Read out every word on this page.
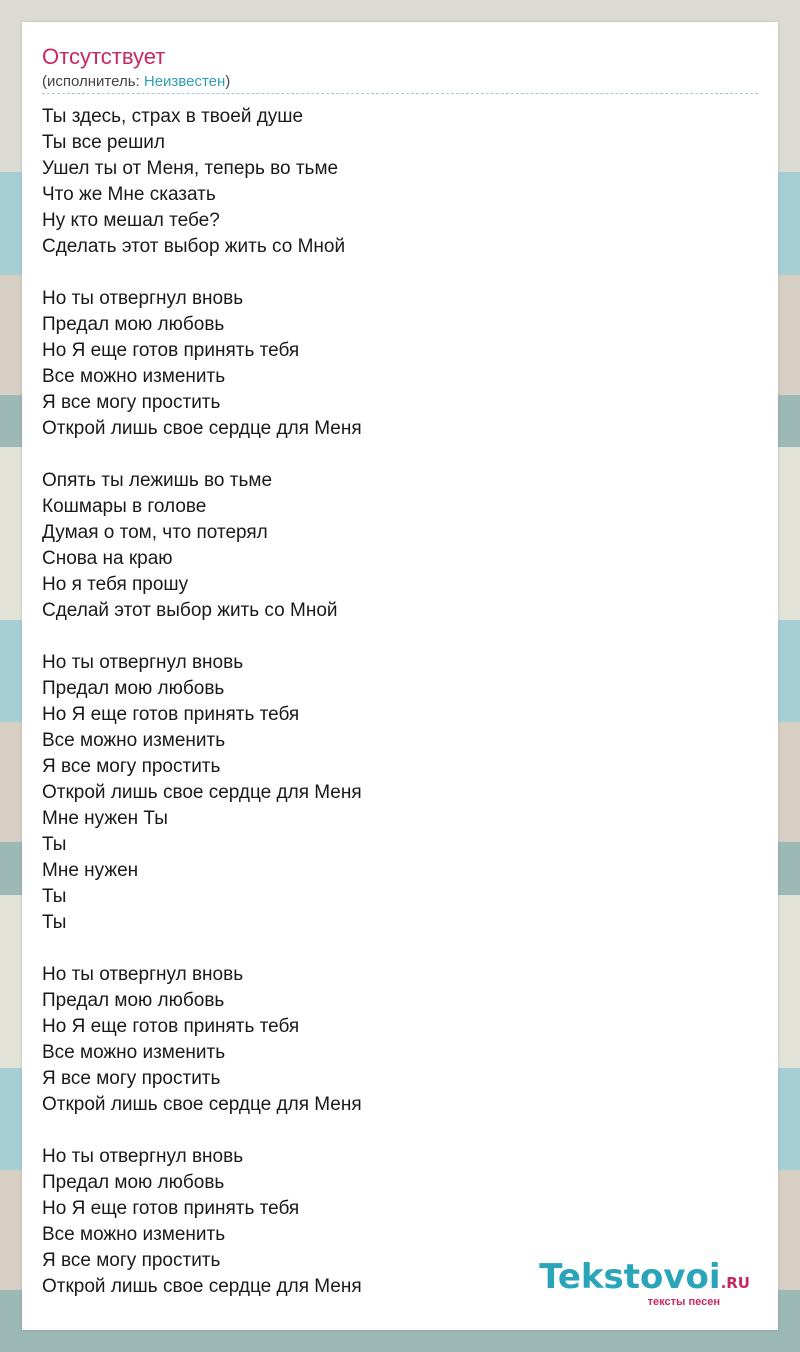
Отсутствует
(исполнитель: Неизвестен)
Ты здесь, страх в твоей душе
Ты все решил
Ушел ты от Меня, теперь во тьме
Что же Мне сказать
Ну кто мешал тебе?
Сделать этот выбор жить со Мной
Но ты отвергнул вновь
Предал мою любовь
Но Я еще готов принять тебя
Все можно изменить
Я все могу простить
Открой лишь свое сердце для Меня
Опять ты лежишь во тьме
Кошмары в голове
Думая о том, что потерял
Снова на краю
Но я тебя прошу
Сделай этот выбор жить со Мной
Но ты отвергнул вновь
Предал мою любовь
Но Я еще готов принять тебя
Все можно изменить
Я все могу простить
Открой лишь свое сердце для Меня
Мне нужен Ты
Ты
Мне нужен
Ты
Ты
Но ты отвергнул вновь
Предал мою любовь
Но Я еще готов принять тебя
Все можно изменить
Я все могу простить
Открой лишь свое сердце для Меня
Но ты отвергнул вновь
Предал мою любовь
Но Я еще готов принять тебя
Все можно изменить
Я все могу простить
Открой лишь свое сердце для Меня	Tekstovoi.RU
тексты песен
